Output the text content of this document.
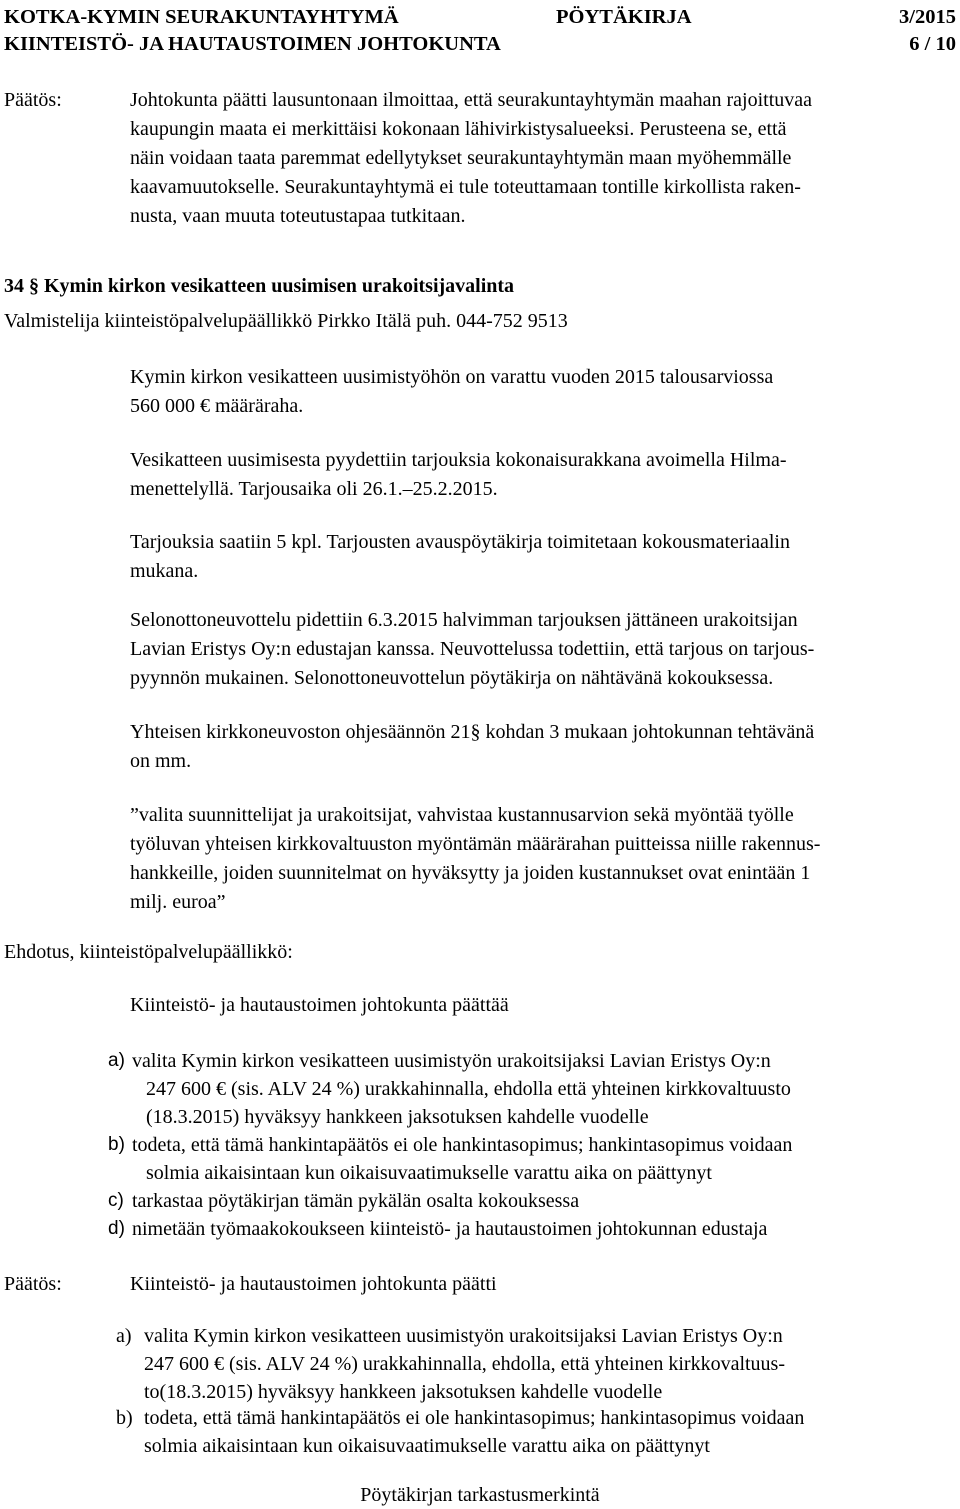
KOTKA-KYMIN SEURAKUNTAYHTYMÄ	PÖYTÄKIRJA	3/2015
KIINTEISTÖ- JA HAUTAUSTOIMEN JOHTOKUNTA	6 / 10
Päätös:	Johtokunta päätti lausuntonaan ilmoittaa, että seurakuntayhtymän maahan rajoittuvaa
kaupungin maata ei merkittäisi kokonaan lähivirkistysalueeksi. Perusteena se, että
näin voidaan taata paremmat edellytykset seurakuntayhtymän maan myöhemmälle
kaavamuutokselle. Seurakuntayhtymä ei tule toteuttamaan tontille kirkollista raken-
nusta, vaan muuta toteutustapaa tutkitaan.
34 § Kymin kirkon vesikatteen uusimisen urakoitsijavalinta
Valmistelija kiinteistöpalvelupäällikkö Pirkko Itälä puh. 044-752 9513
Kymin kirkon vesikatteen uusimistyöhön on varattu vuoden 2015 talousarviossa
560 000 € määräraha.
Vesikatteen uusimisesta pyydettiin tarjouksia kokonaisurakkana avoimella Hilma-
menettelyllä. Tarjousaika oli 26.1.–25.2.2015.
Tarjouksia saatiin 5 kpl. Tarjousten avauspöytäkirja toimitetaan kokousmateriaalin
mukana.
Selonottoneuvottelu pidettiin 6.3.2015 halvimman tarjouksen jättäneen urakoitsijan
Lavian Eristys Oy:n edustajan kanssa. Neuvottelussa todettiin, että tarjous on tarjous-
pyynnön mukainen. Selonottoneuvottelun pöytäkirja on nähtävänä kokouksessa.
Yhteisen kirkkoneuvoston ohjesäännön 21§ kohdan 3 mukaan johtokunnan tehtävänä
on mm.
”valita suunnittelijat ja urakoitsijat, vahvistaa kustannusarvion sekä myöntää työlle
työluvan yhteisen kirkkovaltuuston myöntämän määrärahan puitteissa niille rakennus-
hankkeille, joiden suunnitelmat on hyväksytty ja joiden kustannukset ovat enintään 1
milj. euroa”
Ehdotus, kiinteistöpalvelupäällikkö:
Kiinteistö- ja hautaustoimen johtokunta päättää
a) valita Kymin kirkon vesikatteen uusimistyön urakoitsijaksi Lavian Eristys Oy:n
247 600 € (sis. ALV 24 %) urakkahinnalla, ehdolla että yhteinen kirkkovaltuusto
(18.3.2015) hyväksyy hankkeen jaksotuksen kahdelle vuodelle
b) todeta, että tämä hankintapäätös ei ole hankintasopimus; hankintasopimus voidaan
solmia aikaisintaan kun oikaisuvaatimukselle varattu aika on päättynyt
c) tarkastaa pöytäkirjan tämän pykälän osalta kokouksessa
d) nimetään työmaakokoukseen kiinteistö- ja hautaustoimen johtokunnan edustaja
Päätös:	Kiinteistö- ja hautaustoimen johtokunta päätti
a) valita Kymin kirkon vesikatteen uusimistyön urakoitsijaksi Lavian Eristys Oy:n
247 600 € (sis. ALV 24 %) urakkahinnalla, ehdolla, että yhteinen kirkkovaltuus-
to(18.3.2015) hyväksyy hankkeen jaksotuksen kahdelle vuodelle
b) todeta, että tämä hankintapäätös ei ole hankintasopimus; hankintasopimus voidaan
solmia aikaisintaan kun oikaisuvaatimukselle varattu aika on päättynyt
Pöytäkirjan tarkastusmerkintä
